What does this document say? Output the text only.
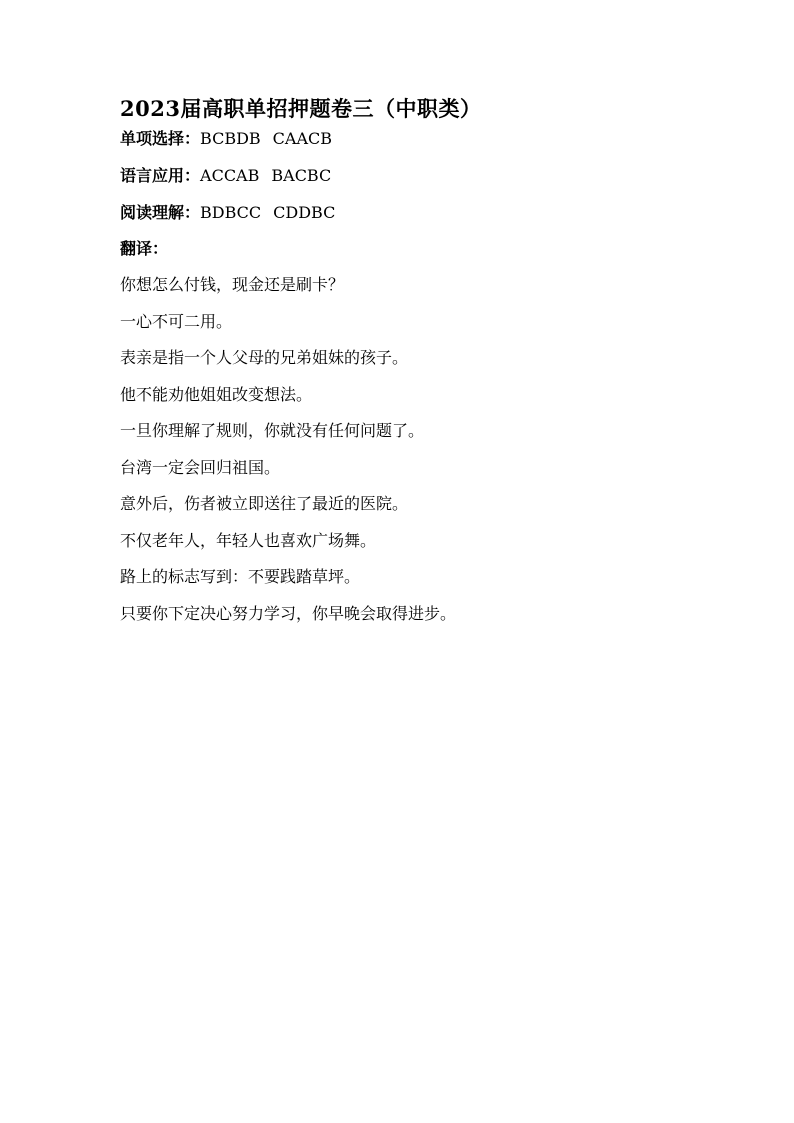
2023届高职单招押题卷三（中职类）
单项选择：BCBDB CAACB
语言应用：ACCAB BACBC
阅读理解：BDBCC CDDBC
翻译：
你想怎么付钱，现金还是刷卡？
一心不可二用。
表亲是指一个人父母的兄弟姐妹的孩子。
他不能劝他姐姐改变想法。
一旦你理解了规则，你就没有任何问题了。
台湾一定会回归祖国。
意外后，伤者被立即送往了最近的医院。
不仅老年人，年轻人也喜欢广场舞。
路上的标志写到：不要践踏草坪。
只要你下定决心努力学习，你早晚会取得进步。
